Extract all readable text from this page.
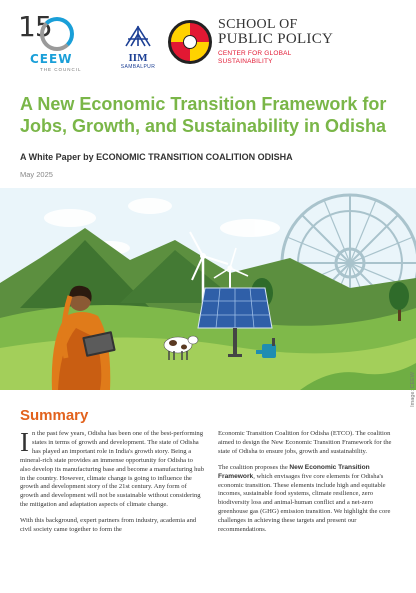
15
CEEW
THE COUNCIL
IIM
SAMBALPUR
SCHOOL OF
PUBLIC POLICY
CENTER FOR GLOBAL
SUSTAINABILITY
A New Economic Transition Framework for Jobs, Growth, and Sustainability in Odisha
A White Paper by ECONOMIC TRANSITION COALITION ODISHA
May 2025
Image: CEEW
Summary

In the past few years, Odisha has been one of the best-performing states in terms of growth and development. The state of Odisha has played an important role in India's growth story. Being a mineral-rich state provides an immense opportunity for Odisha to also develop its manufacturing base and become a manufacturing hub in the country. However, climate change is going to influence the growth and development story of the 21st century. Any form of growth and development will not be sustainable without considering the mitigation and adaptation aspects of climate change.

With this background, expert partners from industry, academia and civil society came together to form the

Economic Transition Coalition for Odisha (ETCO). The coalition aimed to design the New Economic Transition Framework for the state of Odisha to ensure jobs, growth and sustainability.

The coalition proposes the New Economic Transition Framework, which envisages five core elements for Odisha's economic transition. These elements include high and equitable incomes, sustainable food systems, climate resilience, zero biodiversity loss and animal-human conflict and a net-zero greenhouse gas (GHG) emission transition. We highlight the core challenges in achieving these targets and present our recommendations.
